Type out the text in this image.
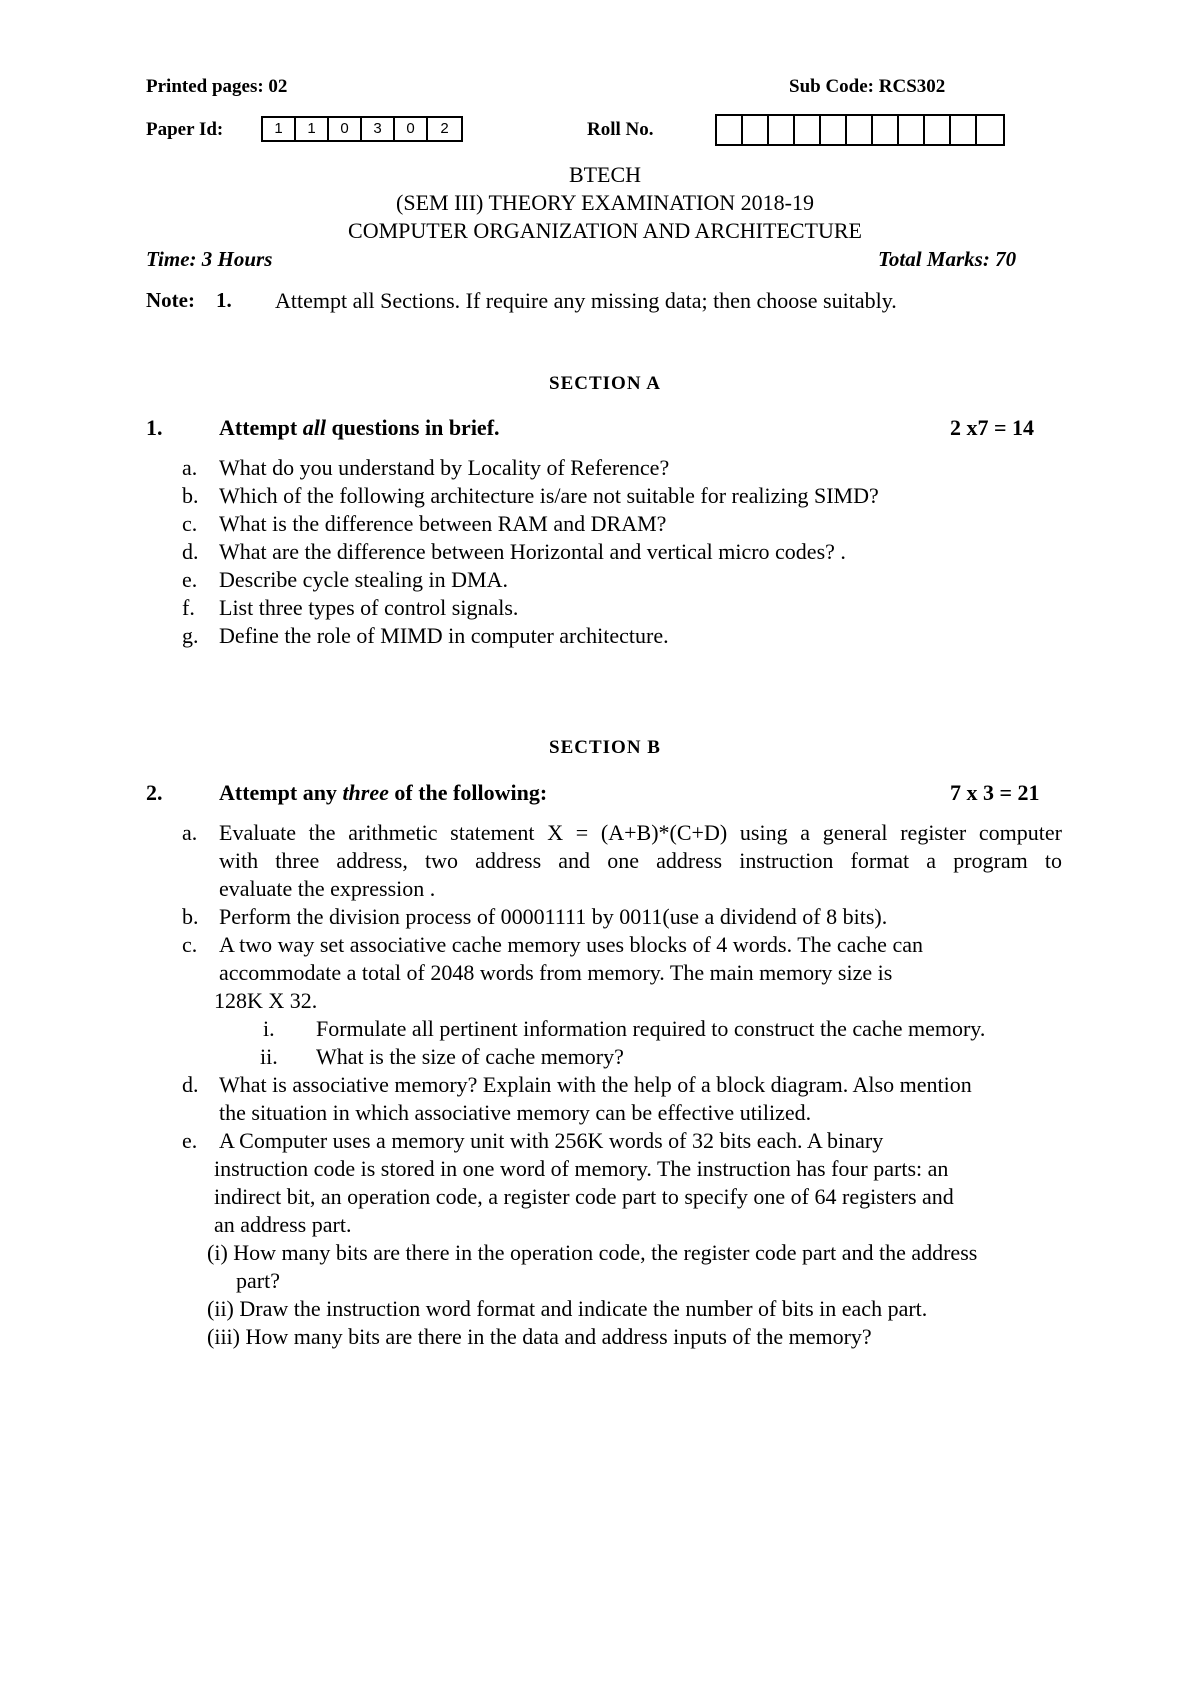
Printed pages: 02	Sub Code: RCS302
Paper Id:	1	1	0	3	0	2	Roll No.
BTECH
(SEM III) THEORY EXAMINATION 2018-19
COMPUTER ORGANIZATION AND ARCHITECTURE
Time: 3 Hours	Total Marks: 70
Note: 1. Attempt all Sections. If require any missing data; then choose suitably.
SECTION A
1.	Attempt all questions in brief.	2 x7 = 14
a. What do you understand by Locality of Reference?
b. Which of the following architecture is/are not suitable for realizing SIMD?
c. What is the difference between RAM and DRAM?
d. What are the difference between Horizontal and vertical micro codes? .
e. Describe cycle stealing in DMA.
f. List three types of control signals.
g. Define the role of MIMD in computer architecture.
SECTION B
2.	Attempt any three of the following:	7 x 3 = 21
a. Evaluate the arithmetic statement X = (A+B)*(C+D) using a general register computer
with three address, two address and one address instruction format a program to
evaluate the expression .
b. Perform the division process of 00001111 by 0011(use a dividend of 8 bits).
c. A two way set associative cache memory uses blocks of 4 words. The cache can
accommodate a total of 2048 words from memory. The main memory size is
128K X 32.
i. Formulate all pertinent information required to construct the cache memory.
ii. What is the size of cache memory?
d. What is associative memory? Explain with the help of a block diagram. Also mention
the situation in which associative memory can be effective utilized.
e. A Computer uses a memory unit with 256K words of 32 bits each. A binary
instruction code is stored in one word of memory. The instruction has four parts: an
indirect bit, an operation code, a register code part to specify one of 64 registers and
an address part.
(i) How many bits are there in the operation code, the register code part and the address
part?
(ii) Draw the instruction word format and indicate the number of bits in each part.
(iii) How many bits are there in the data and address inputs of the memory?
